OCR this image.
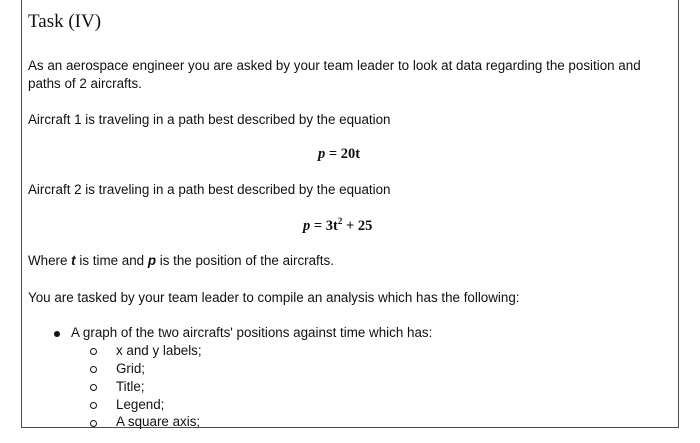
Task (IV)
As an aerospace engineer you are asked by your team leader to look at data regarding the position and
paths of 2 aircrafts.
Aircraft 1 is traveling in a path best described by the equation
p = 20t
Aircraft 2 is traveling in a path best described by the equation
$p = 3t^2 + 25$
Where t is time and p is the position of the aircrafts.
You are tasked by your team leader to compile an analysis which has the following:
A graph of the two aircrafts' positions against time which has:
x and y labels;
Grid;
Title;
Legend;
A square axis;
